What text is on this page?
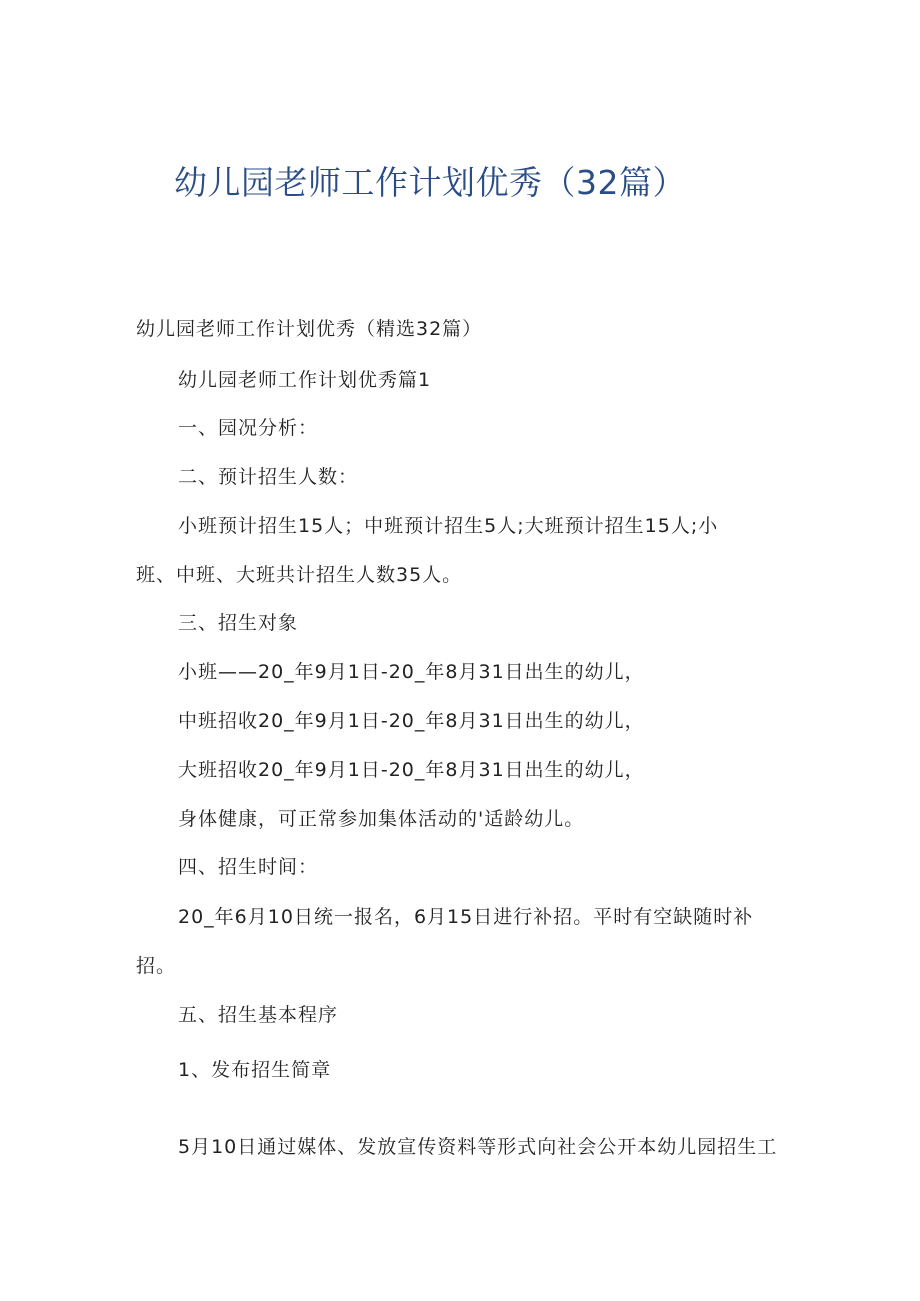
幼儿园老师工作计划优秀（32篇）
幼儿园老师工作计划优秀（精选32篇）
幼儿园老师工作计划优秀篇1
一、园况分析：
二、预计招生人数：
小班预计招生15人；中班预计招生5人;大班预计招生15人;小
班、中班、大班共计招生人数35人。
三、招生对象
小班——20_年9月1日-20_年8月31日出生的幼儿，
中班招收20_年9月1日-20_年8月31日出生的幼儿，
大班招收20_年9月1日-20_年8月31日出生的幼儿，
身体健康，可正常参加集体活动的'适龄幼儿。
四、招生时间：
20_年6月10日统一报名，6月15日进行补招。平时有空缺随时补
招。
五、招生基本程序
1、发布招生简章
5月10日通过媒体、发放宣传资料等形式向社会公开本幼儿园招生工
